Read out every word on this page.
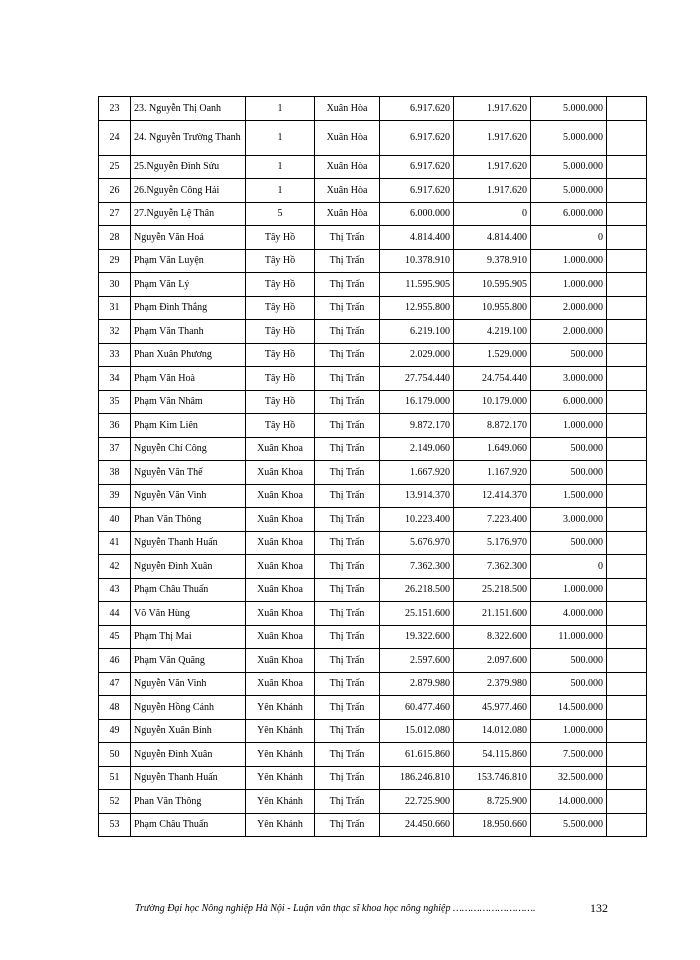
23	23. Nguyễn Thị Oanh	1	Xuân Hòa	6.917.620	1.917.620	5.000.000	
24	24. Nguyễn Trường Thanh	1	Xuân Hòa	6.917.620	1.917.620	5.000.000	
25	25.Nguyễn Đình Sửu	1	Xuân Hòa	6.917.620	1.917.620	5.000.000	
26	26.Nguyễn Công Hải	1	Xuân Hòa	6.917.620	1.917.620	5.000.000	
27	27.Nguyễn Lệ Thân	5	Xuân Hòa	6.000.000	0	6.000.000	
28	Nguyễn Văn Hoá	Tây Hồ	Thị Trấn	4.814.400	4.814.400	0	
29	Phạm Văn Luyện	Tây Hồ	Thị Trấn	10.378.910	9.378.910	1.000.000	
30	Phạm Văn Lý	Tây Hồ	Thị Trấn	11.595.905	10.595.905	1.000.000	
31	Phạm Đình Thắng	Tây Hồ	Thị Trấn	12.955.800	10.955.800	2.000.000	
32	Phạm Văn Thanh	Tây Hồ	Thị Trấn	6.219.100	4.219.100	2.000.000	
33	Phan Xuân Phương	Tây Hồ	Thị Trấn	2.029.000	1.529.000	500.000	
34	Phạm Văn Hoà	Tây Hồ	Thị Trấn	27.754.440	24.754.440	3.000.000	
35	Phạm Văn Nhâm	Tây Hồ	Thị Trấn	16.179.000	10.179.000	6.000.000	
36	Phạm Kim Liên	Tây Hồ	Thị Trấn	9.872.170	8.872.170	1.000.000	
37	Nguyễn Chí Công	Xuân Khoa	Thị Trấn	2.149.060	1.649.060	500.000	
38	Nguyễn Văn Thế	Xuân Khoa	Thị Trấn	1.667.920	1.167.920	500.000	
39	Nguyễn Văn Vinh	Xuân Khoa	Thị Trấn	13.914.370	12.414.370	1.500.000	
40	Phan Văn Thông	Xuân Khoa	Thị Trấn	10.223.400	7.223.400	3.000.000	
41	Nguyễn Thanh Huấn	Xuân Khoa	Thị Trấn	5.676.970	5.176.970	500.000	
42	Nguyễn Đình Xuân	Xuân Khoa	Thị Trấn	7.362.300	7.362.300	0	
43	Phạm Châu Thuấn	Xuân Khoa	Thị Trấn	26.218.500	25.218.500	1.000.000	
44	Võ Văn Hùng	Xuân Khoa	Thị Trấn	25.151.600	21.151.600	4.000.000	
45	Phạm Thị Mai	Xuân Khoa	Thị Trấn	19.322.600	8.322.600	11.000.000	
46	Phạm Văn Quãng	Xuân Khoa	Thị Trấn	2.597.600	2.097.600	500.000	
47	Nguyễn Văn Vinh	Xuân Khoa	Thị Trấn	2.879.980	2.379.980	500.000	
48	Nguyễn Hồng Cảnh	Yên Khánh	Thị Trấn	60.477.460	45.977.460	14.500.000	
49	Nguyễn Xuân Bính	Yên Khánh	Thị Trấn	15.012.080	14.012.080	1.000.000	
50	Nguyễn Đình Xuân	Yên Khánh	Thị Trấn	61.615.860	54.115.860	7.500.000	
51	Nguyễn Thanh Huấn	Yên Khánh	Thị Trấn	186.246.810	153.746.810	32.500.000	
52	Phan Văn Thông	Yên Khánh	Thị Trấn	22.725.900	8.725.900	14.000.000	
53	Phạm Châu Thuấn	Yên Khánh	Thị Trấn	24.450.660	18.950.660	5.500.000	
Trường Đại học Nông nghiệp Hà Nội - Luận văn thạc sĩ khoa học nông nghiệp ……………………….	132
